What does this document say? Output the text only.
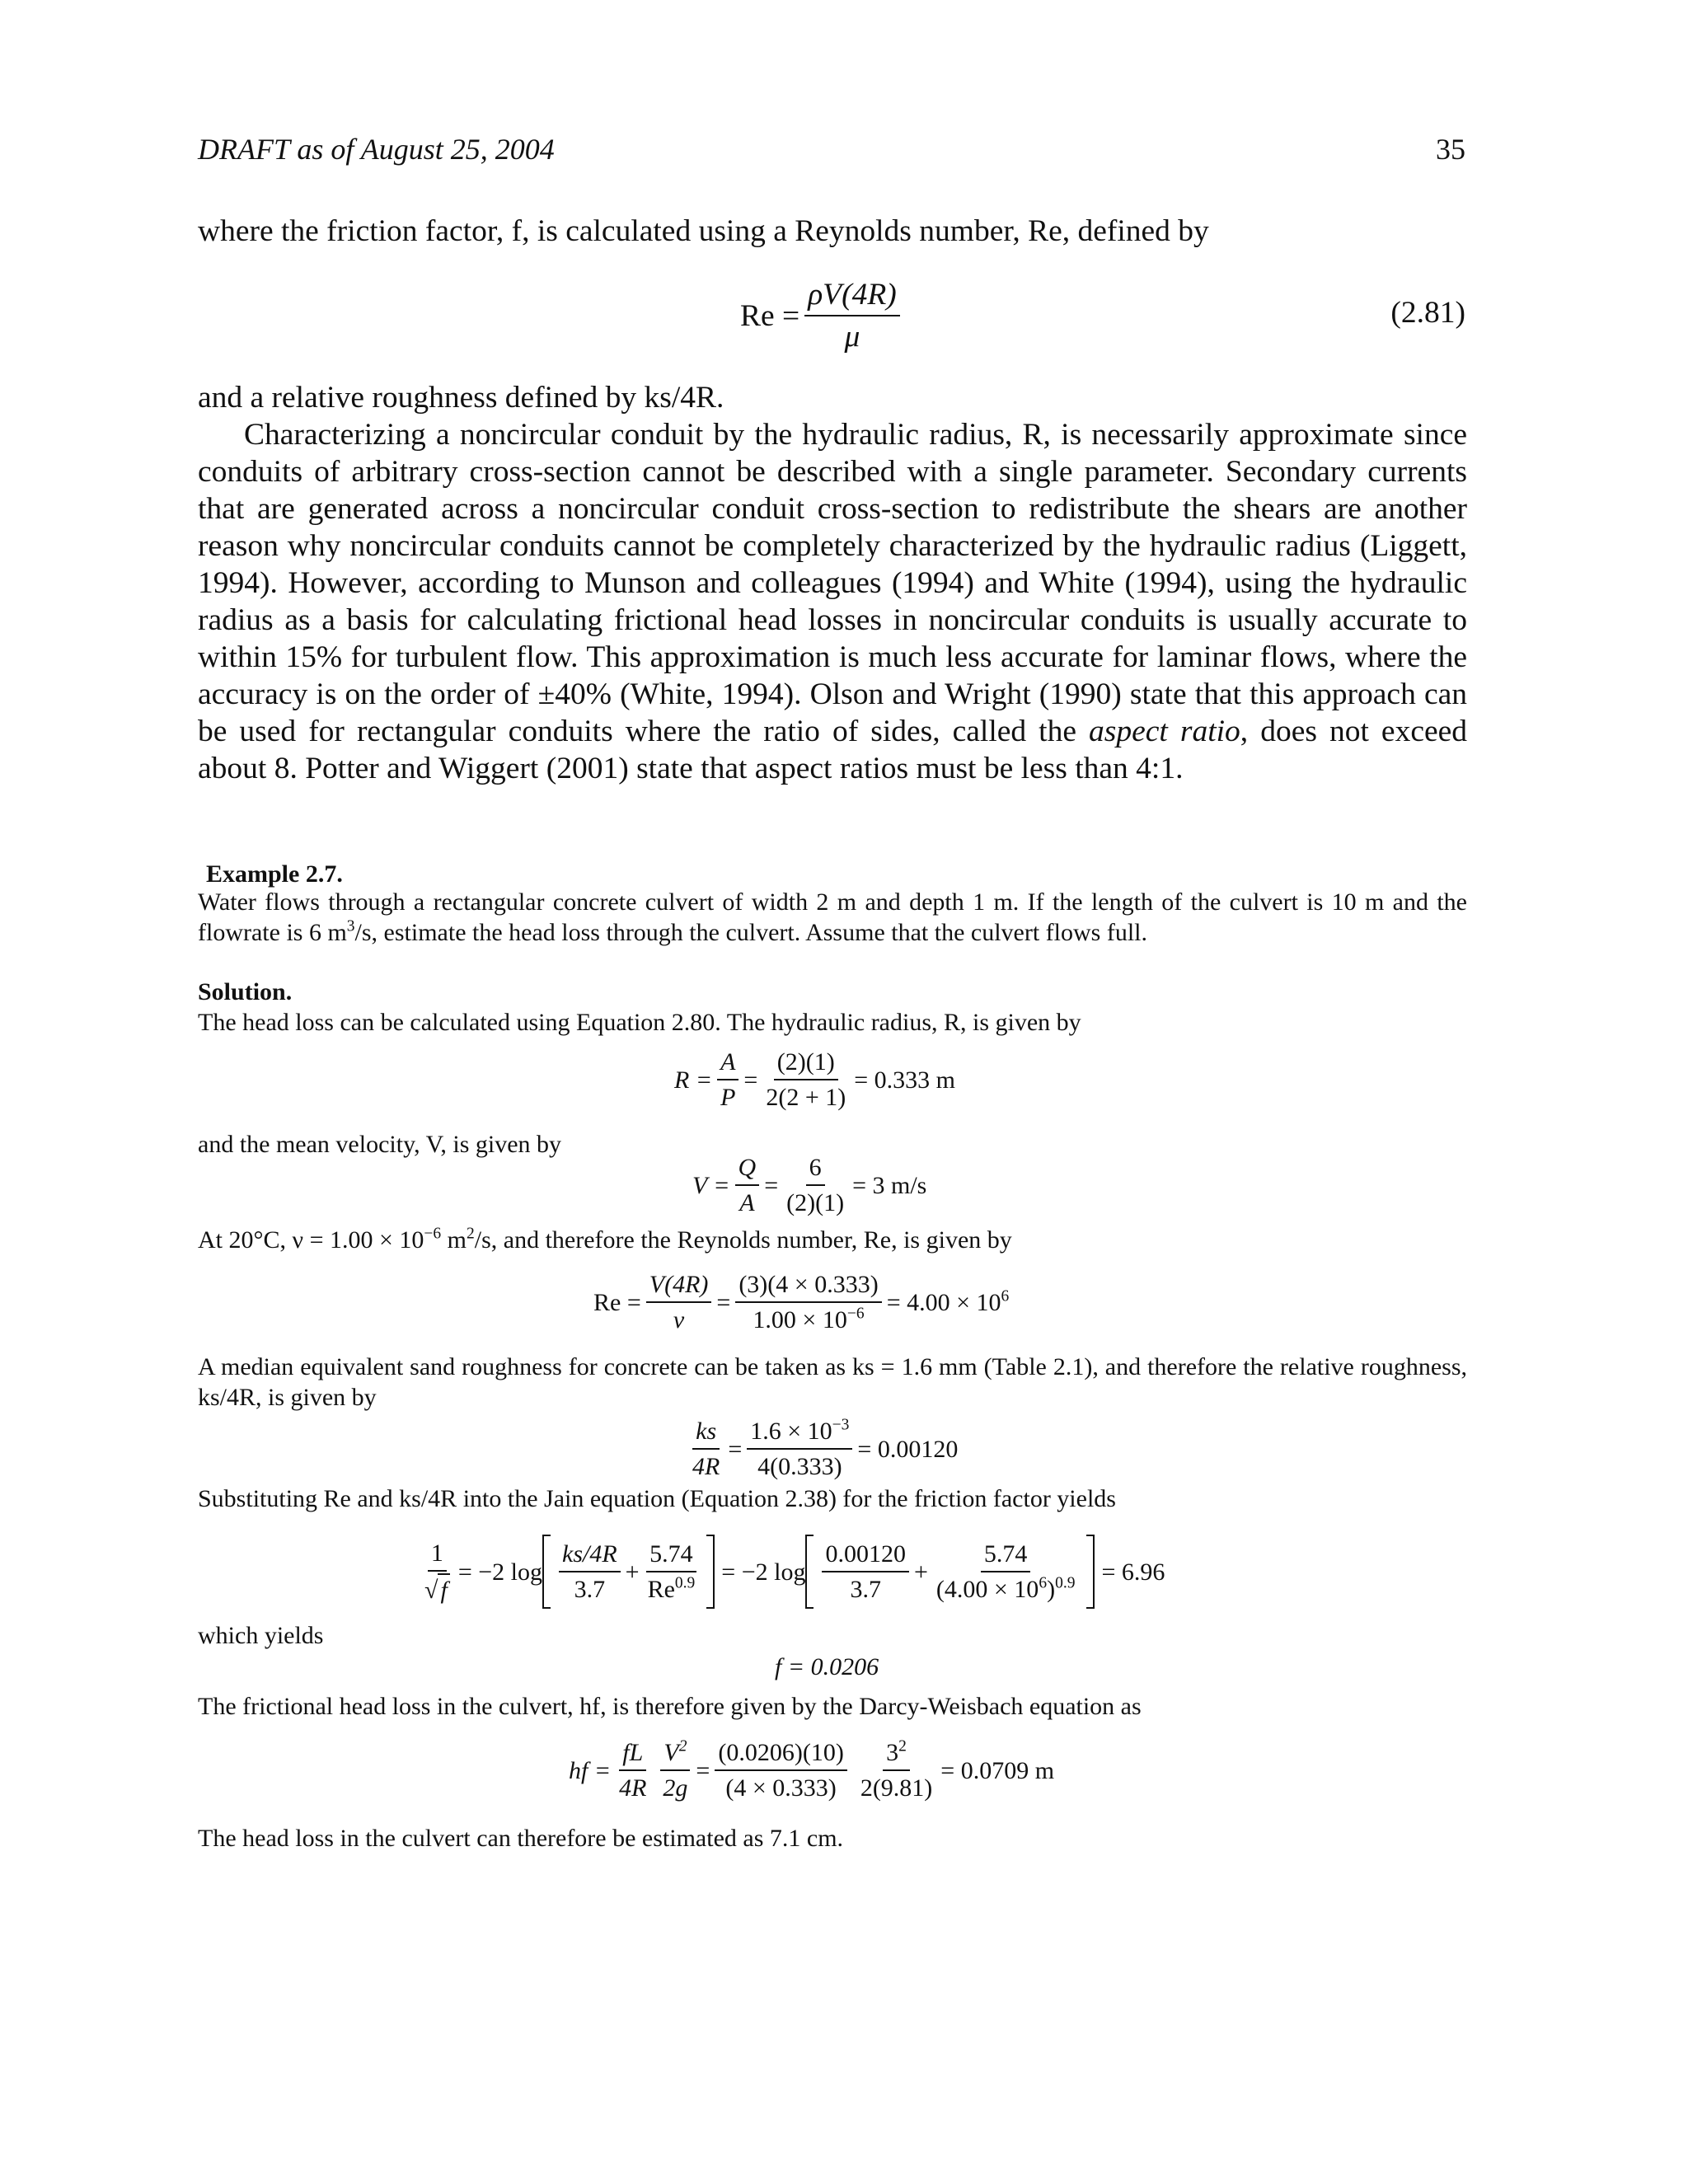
DRAFT as of August 25, 2004	35
where the friction factor, f, is calculated using a Reynolds number, Re, defined by
$Re = \frac{\rho V(4R)}{\mu}$	(2.81)
and a relative roughness defined by ks/4R.

Characterizing a noncircular conduit by the hydraulic radius, R, is necessarily approximate since conduits of arbitrary cross-section cannot be described with a single parameter. Secondary currents that are generated across a noncircular conduit cross-section to redistribute the shears are another reason why noncircular conduits cannot be completely characterized by the hydraulic radius (Liggett, 1994). However, according to Munson and colleagues (1994) and White (1994), using the hydraulic radius as a basis for calculating frictional head losses in noncircular conduits is usually accurate to within 15% for turbulent flow. This approximation is much less accurate for laminar flows, where the accuracy is on the order of ±40% (White, 1994). Olson and Wright (1990) state that this approach can be used for rectangular conduits where the ratio of sides, called the aspect ratio, does not exceed about 8. Potter and Wiggert (2001) state that aspect ratios must be less than 4:1.

Example 2.7.
Water flows through a rectangular concrete culvert of width 2 m and depth 1 m. If the length of the culvert is 10 m and the flowrate is 6 $m^3/s$, estimate the head loss through the culvert. Assume that the culvert flows full.
Solution.
The head loss can be calculated using Equation 2.80. The hydraulic radius, R, is given by
$R = \frac{A}{P} = \frac{(2)(1)}{2(2 + 1)} = 0.333$ m
and the mean velocity, V, is given by
$V = \frac{Q}{A} = \frac{6}{(2)(1)} = 3$ m/s
At 20°C, $\nu = 1.00 \times 10^{-6}$ $m^2/s$, and therefore the Reynolds number, Re, is given by
$Re = \frac{V(4R)}{\nu} = \frac{(3)(4 \times 0.333)}{1.00 \times 10^{-6}} = 4.00 \times 10^6$
A median equivalent sand roughness for concrete can be taken as ks = 1.6 mm (Table 2.1), and therefore the relative roughness, ks/4R, is given by
$\frac{ks}{4R} = \frac{1.6 \times 10^{-3}}{4(0.333)} = 0.00120$
Substituting Re and ks/4R into the Jain equation (Equation 2.38) for the friction factor yields
$\frac{1}{√ f} = -2$ $\log \frac{ks/4R}{3.7} + \frac{5.74}{Re^{0.9}} = -2$ $\log \frac{0.00120}{3.7} + \frac{5.74}{(4.00 \times 10^6)^{0.9}} = 6.96$
which yields
f = 0.0206
The frictional head loss in the culvert, hf, is therefore given by the Darcy-Weisbach equation as
hf = $\frac{fL}{4R} \frac{V^2}{2g} = \frac{(0.0206)(10)}{(4 \times 0.333)} \frac{3^2}{2(9.81)} = 0.0709$ m
The head loss in the culvert can therefore be estimated as 7.1 cm.
